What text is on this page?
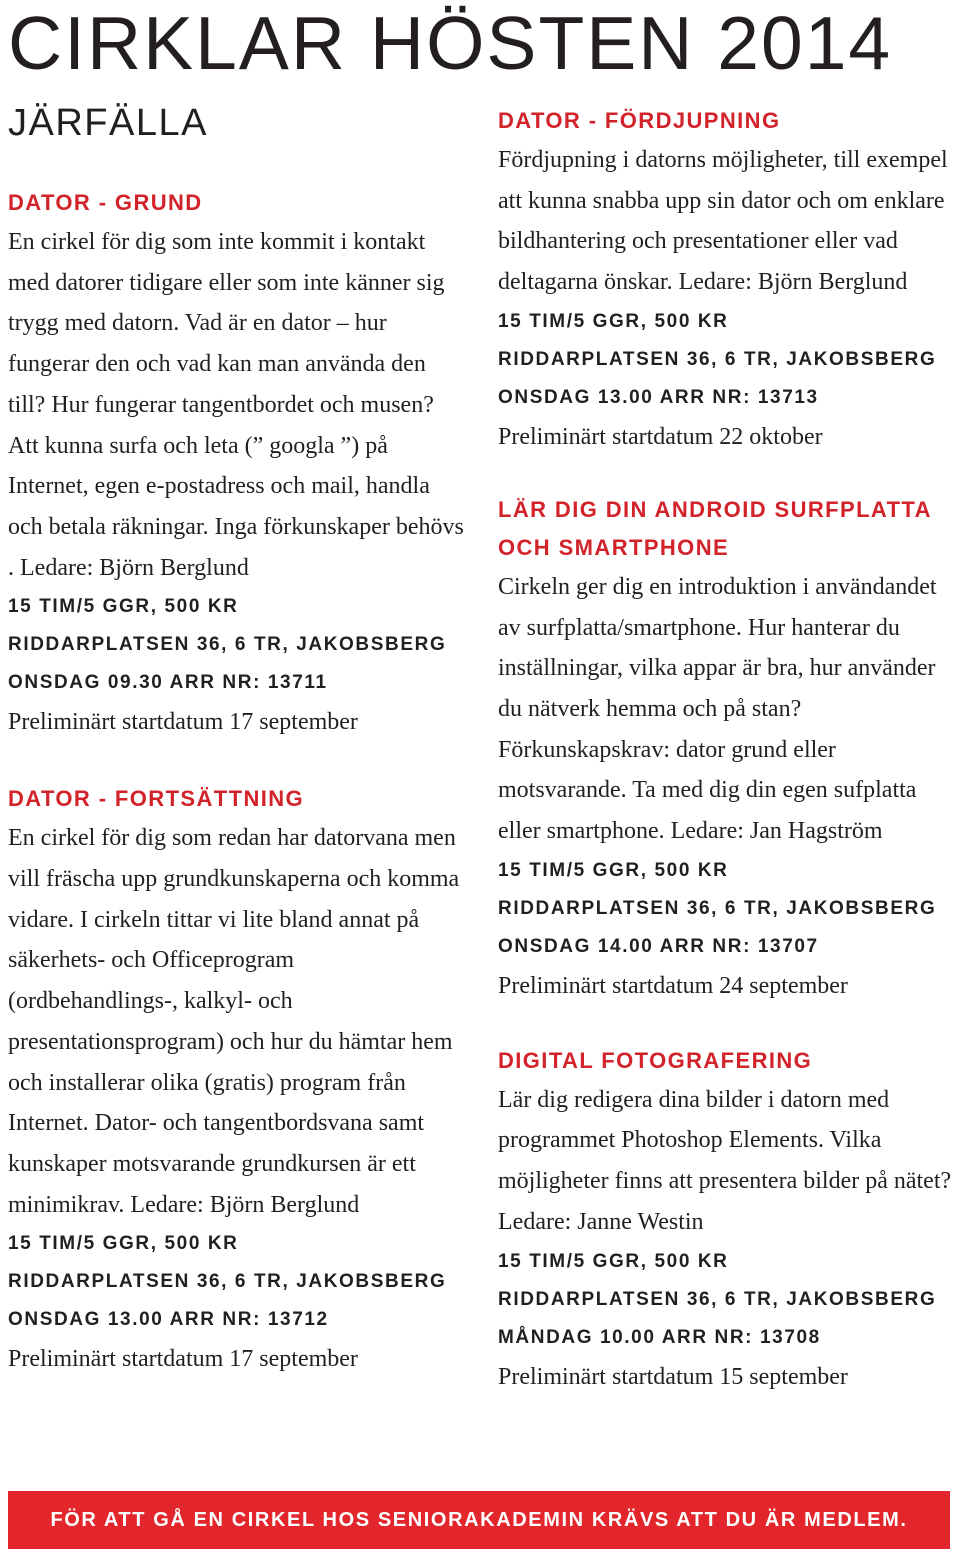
CIRKLAR HÖSTEN 2014
JÄRFÄLLA
DATOR - GRUND

En cirkel för dig som inte kommit i kontakt med datorer tidigare eller som inte känner sig trygg med datorn. Vad är en dator – hur fungerar den och vad kan man använda den till? Hur fungerar tangentbordet och musen? Att kunna surfa och leta (” googla ”) på Internet, egen e-postadress och mail, handla och betala räkningar. Inga förkunskaper behövs . Ledare: Björn Berglund

15 TIM/5 GGR, 500 KR

RIDDARPLATSEN 36, 6 TR, JAKOBSBERG

ONSDAG 09.30 ARR NR: 13711

Preliminärt startdatum 17 september

DATOR - FORTSÄTTNING

En cirkel för dig som redan har datorvana men vill fräscha upp grundkunskaperna och komma vidare. I cirkeln tittar vi lite bland annat på säkerhets- och Officeprogram (ordbehandlings-, kalkyl- och presentationsprogram) och hur du hämtar hem och installerar olika (gratis) program från Internet. Dator- och tangentbordsvana samt kunskaper motsvarande grundkursen är ett minimikrav. Ledare: Björn Berglund

15 TIM/5 GGR, 500 KR

RIDDARPLATSEN 36, 6 TR, JAKOBSBERG

ONSDAG 13.00 ARR NR: 13712

Preliminärt startdatum 17 september

DATOR - FÖRDJUPNING

Fördjupning i datorns möjligheter, till exempel att kunna snabba upp sin dator och om enklare bildhantering och presentationer eller vad deltagarna önskar. Ledare: Björn Berglund

15 TIM/5 GGR, 500 KR

RIDDARPLATSEN 36, 6 TR, JAKOBSBERG

ONSDAG 13.00 ARR NR: 13713

Preliminärt startdatum 22 oktober

LÄR DIG DIN ANDROID SURFPLATTA OCH SMARTPHONE

Cirkeln ger dig en introduktion i användandet av surfplatta/smartphone. Hur hanterar du inställningar, vilka appar är bra, hur använder du nätverk hemma och på stan? Förkunskapskrav: dator grund eller motsvarande. Ta med dig din egen sufplatta eller smartphone. Ledare: Jan Hagström

15 TIM/5 GGR, 500 KR

RIDDARPLATSEN 36, 6 TR, JAKOBSBERG

ONSDAG 14.00 ARR NR: 13707

Preliminärt startdatum 24 september

DIGITAL FOTOGRAFERING

Lär dig redigera dina bilder i datorn med programmet Photoshop Elements. Vilka möjligheter finns att presentera bilder på nätet? Ledare: Janne Westin

15 TIM/5 GGR, 500 KR

RIDDARPLATSEN 36, 6 TR, JAKOBSBERG

MÅNDAG 10.00 ARR NR: 13708

Preliminärt startdatum 15 september

FÖR ATT GÅ EN CIRKEL HOS SENIORAKADEMIN KRÄVS ATT DU ÄR MEDLEM.
